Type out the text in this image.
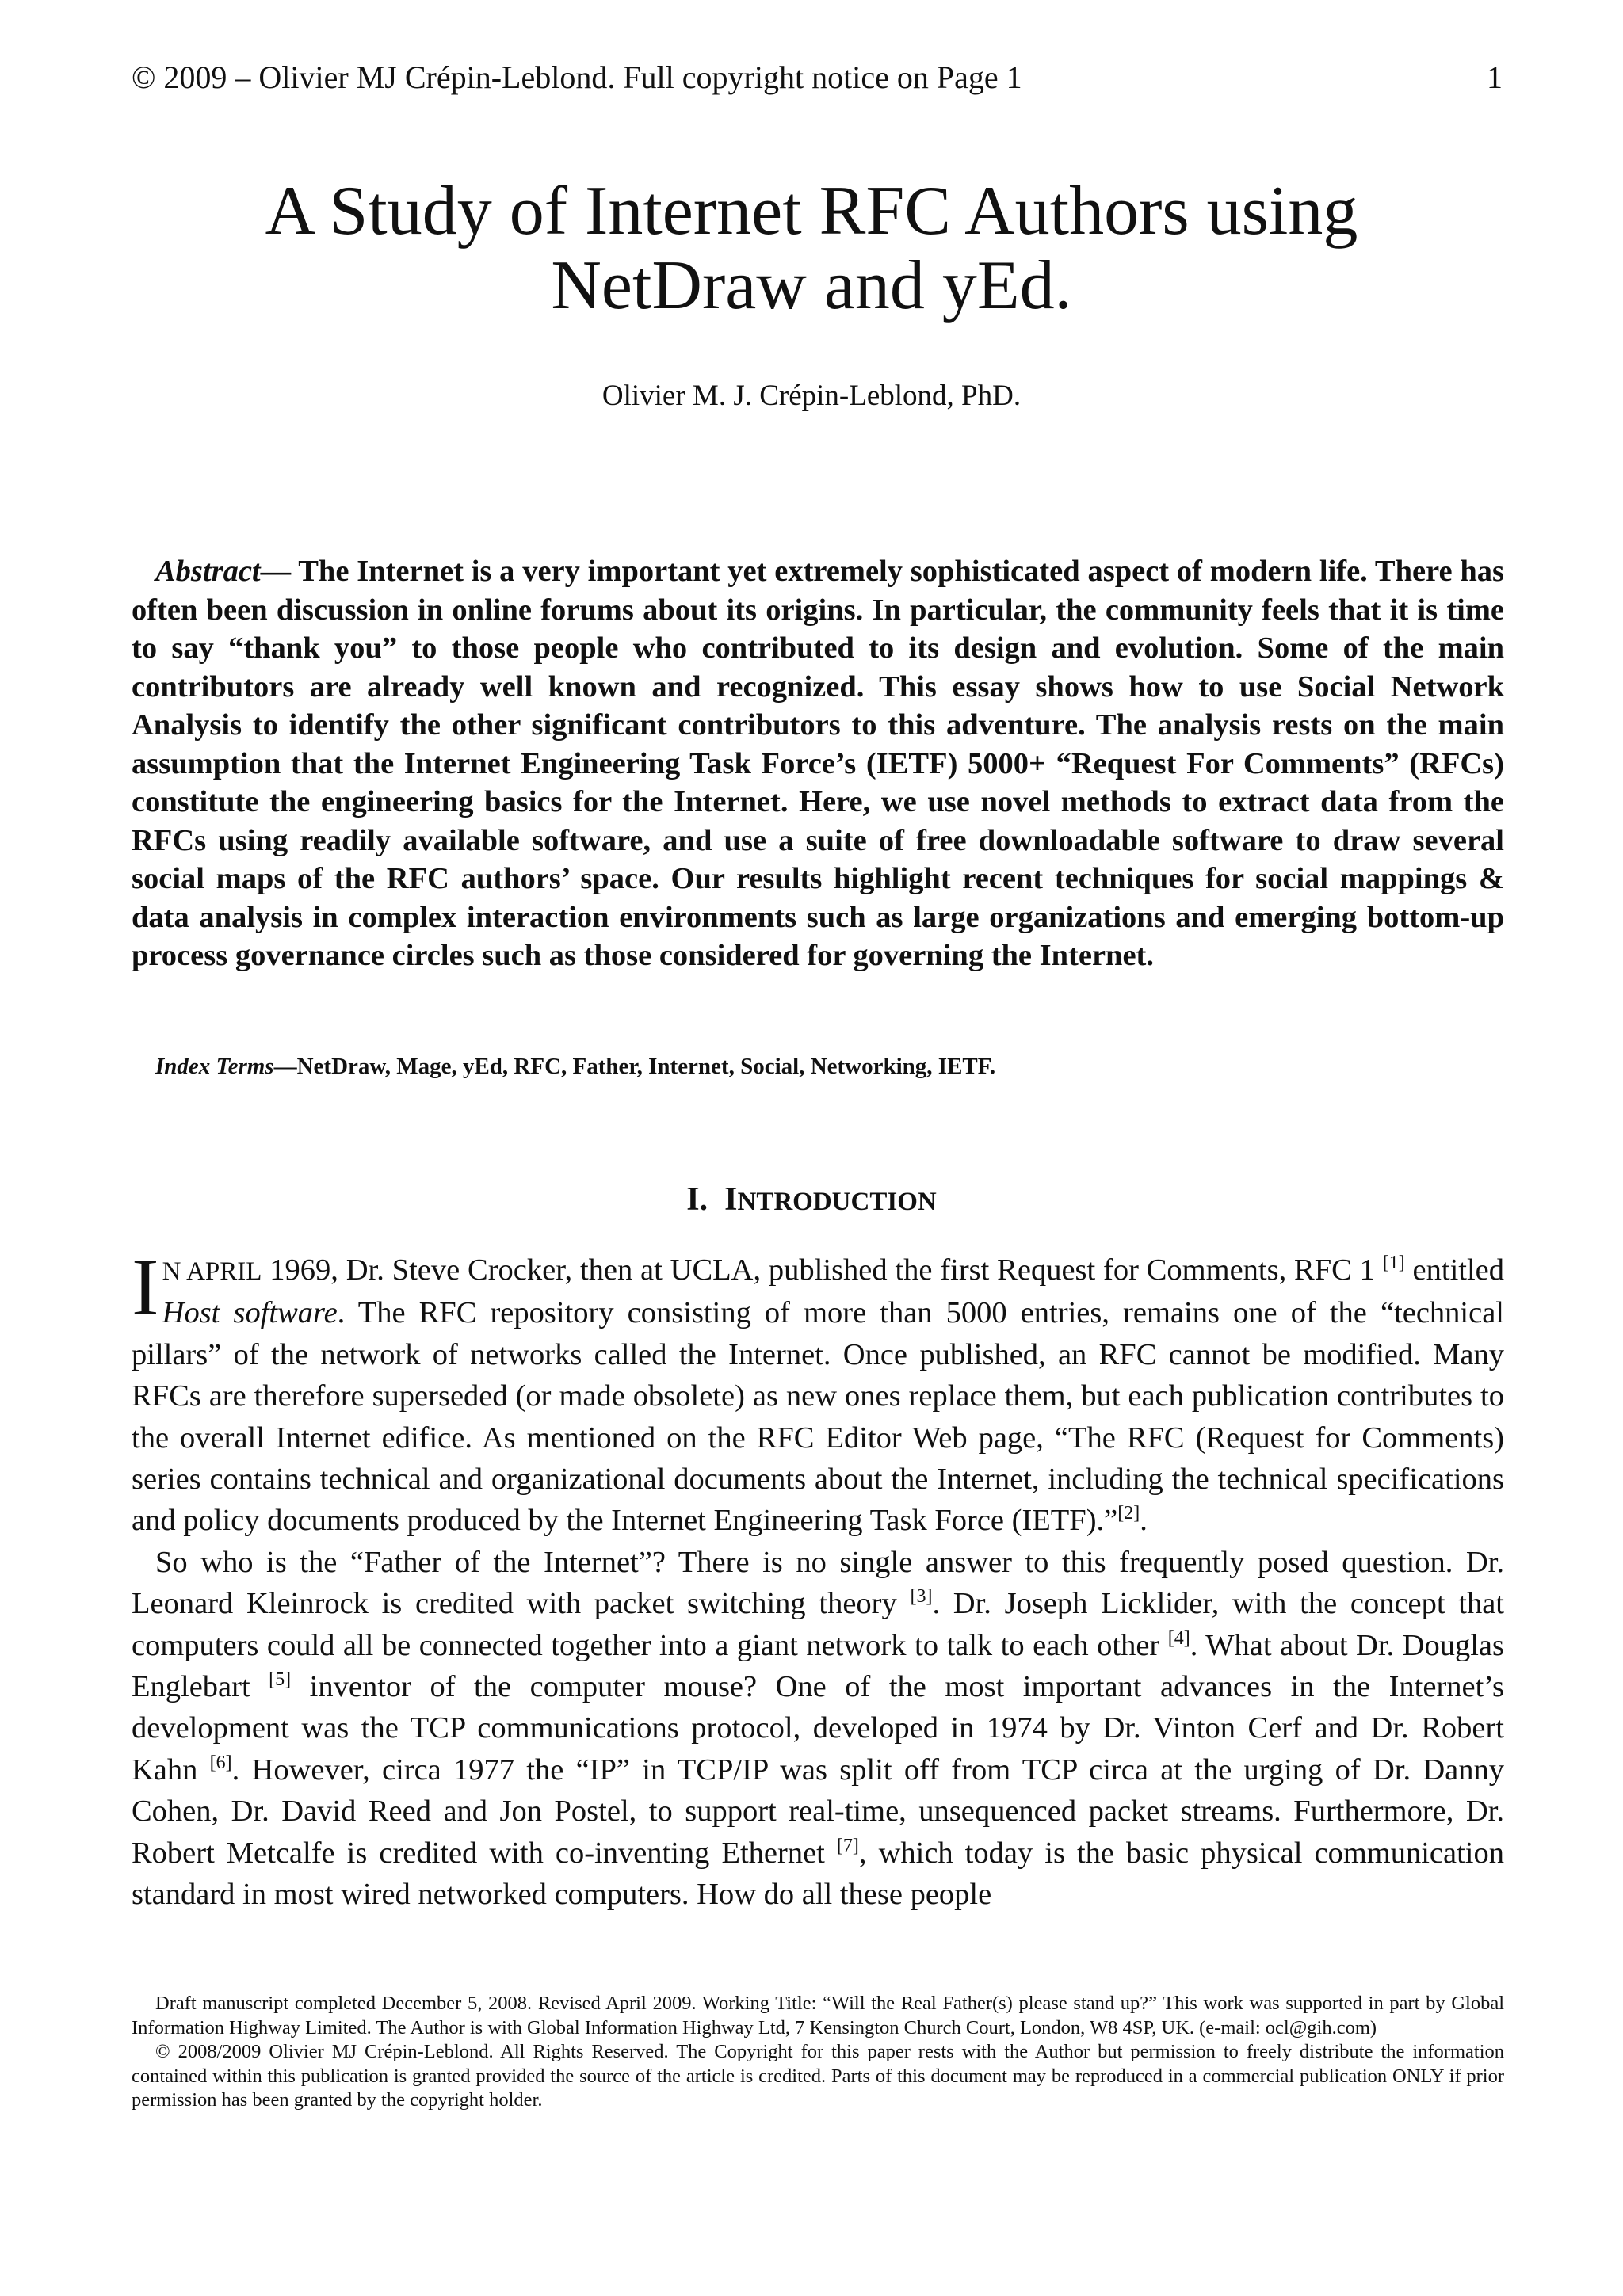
© 2009 – Olivier MJ Crépin-Leblond. Full copyright notice on Page 1	1
A Study of Internet RFC Authors using
NetDraw and yEd.
Olivier M. J. Crépin-Leblond, PhD.
Abstract— The Internet is a very important yet extremely sophisticated aspect of modern life. There has often been discussion in online forums about its origins. In particular, the community feels that it is time to say “thank you” to those people who contributed to its design and evolution. Some of the main contributors are already well known and recognized. This essay shows how to use Social Network Analysis to identify the other significant contributors to this adventure. The analysis rests on the main assumption that the Internet Engineering Task Force’s (IETF) 5000+ “Request For Comments” (RFCs) constitute the engineering basics for the Internet. Here, we use novel methods to extract data from the RFCs using readily available software, and use a suite of free downloadable software to draw several social maps of the RFC authors’ space. Our results highlight recent techniques for social mappings & data analysis in complex interaction environments such as large organizations and emerging bottom-up process governance circles such as those considered for governing the Internet.
Index Terms—NetDraw, Mage, yEd, RFC, Father, Internet, Social, Networking, IETF.
I. INTRODUCTION

I N APRIL 1969, Dr. Steve Crocker, then at UCLA, published the first Request for Comments, RFC 1 [1] entitled Host software. The RFC repository consisting of more than 5000 entries, remains one of the “technical pillars” of the network of networks called the Internet. Once published, an RFC cannot be modified. Many RFCs are therefore superseded (or made obsolete) as new ones replace them, but each publication contributes to the overall Internet edifice. As mentioned on the RFC Editor Web page, “The RFC (Request for Comments) series contains technical and organizational documents about the Internet, including the technical specifications and policy documents produced by the Internet Engineering Task Force (IETF).”[2].

So who is the “Father of the Internet”? There is no single answer to this frequently posed question. Dr. Leonard Kleinrock is credited with packet switching theory [3]. Dr. Joseph Licklider, with the concept that computers could all be connected together into a giant network to talk to each other [4]. What about Dr. Douglas Englebart [5] inventor of the computer mouse? One of the most important advances in the Internet’s development was the TCP communications protocol, developed in 1974 by Dr. Vinton Cerf and Dr. Robert Kahn [6]. However, circa 1977 the “IP” in TCP/IP was split off from TCP circa at the urging of Dr. Danny Cohen, Dr. David Reed and Jon Postel, to support real-time, unsequenced packet streams. Furthermore, Dr. Robert Metcalfe is credited with co-inventing Ethernet [7], which today is the basic physical communication standard in most wired networked computers. How do all these people

Draft manuscript completed December 5, 2008. Revised April 2009. Working Title: “Will the Real Father(s) please stand up?” This work was supported in part by Global Information Highway Limited. The Author is with Global Information Highway Ltd, 7 Kensington Church Court, London, W8 4SP, UK. (e-mail: ocl@gih.com)

© 2008/2009 Olivier MJ Crépin-Leblond. All Rights Reserved. The Copyright for this paper rests with the Author but permission to freely distribute the information contained within this publication is granted provided the source of the article is credited. Parts of this document may be reproduced in a commercial publication ONLY if prior permission has been granted by the copyright holder.
